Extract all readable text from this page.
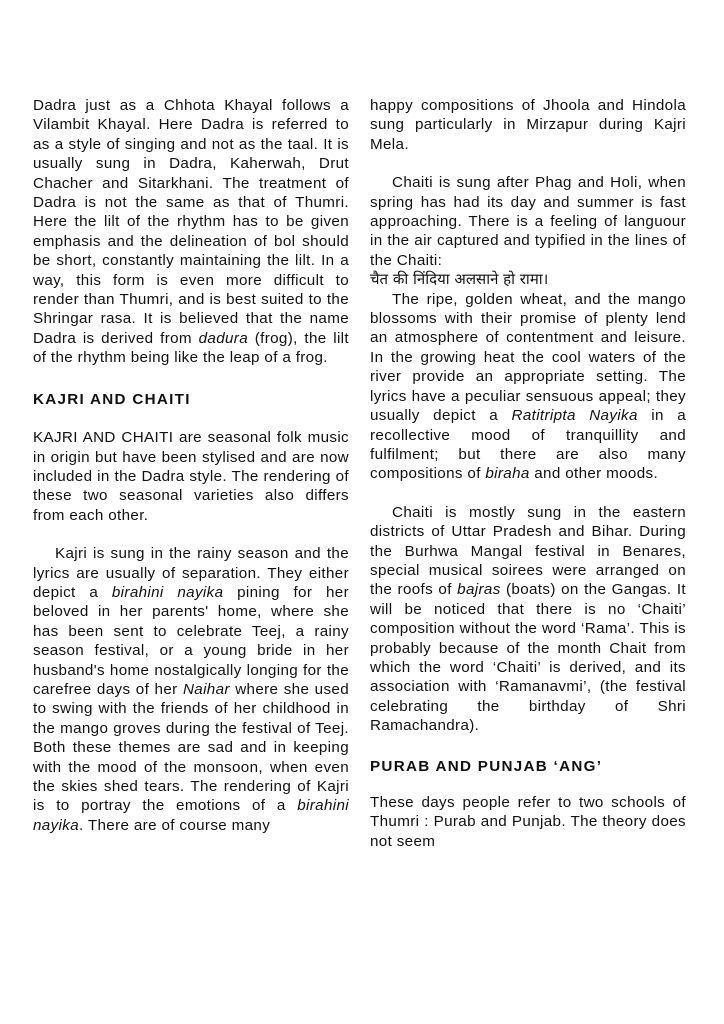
Dadra just as a Chhota Khayal follows a Vilambit Khayal. Here Dadra is referred to as a style of singing and not as the taal. It is usually sung in Dadra, Kaherwah, Drut Chacher and Sitarkhani. The treatment of Dadra is not the same as that of Thumri. Here the lilt of the rhythm has to be given emphasis and the delineation of bol should be short, constantly maintaining the lilt. In a way, this form is even more difficult to render than Thumri, and is best suited to the Shringar rasa. It is believed that the name Dadra is derived from dadura (frog), the lilt of the rhythm being like the leap of a frog.

KAJRI AND CHAITI

KAJRI AND CHAITI are seasonal folk music in origin but have been stylised and are now included in the Dadra style. The rendering of these two seasonal varieties also differs from each other.

Kajri is sung in the rainy season and the lyrics are usually of separation. They either depict a birahini nayika pining for her beloved in her parents' home, where she has been sent to celebrate Teej, a rainy season festival, or a young bride in her husband's home nostalgically longing for the carefree days of her Naihar where she used to swing with the friends of her childhood in the mango groves during the festival of Teej. Both these themes are sad and in keeping with the mood of the monsoon, when even the skies shed tears. The rendering of Kajri is to portray the emotions of a birahini nayika. There are of course many

happy compositions of Jhoola and Hindola sung particularly in Mirzapur during Kajri Mela.

Chaiti is sung after Phag and Holi, when spring has had its day and summer is fast approaching. There is a feeling of languour in the air captured and typified in the lines of the Chaiti:

चैत की निंदिया अलसाने हो रामा।

The ripe, golden wheat, and the mango blossoms with their promise of plenty lend an atmosphere of contentment and leisure. In the growing heat the cool waters of the river provide an appropriate setting. The lyrics have a peculiar sensuous appeal; they usually depict a Ratitripta Nayika in a recollective mood of tranquillity and fulfilment; but there are also many compositions of biraha and other moods.

Chaiti is mostly sung in the eastern districts of Uttar Pradesh and Bihar. During the Burhwa Mangal festival in Benares, special musical soirees were arranged on the roofs of bajras (boats) on the Gangas. It will be noticed that there is no ‘Chaiti’ composition without the word ‘Rama’. This is probably because of the month Chait from which the word ‘Chaiti’ is derived, and its association with ‘Ramanavmi’, (the festival celebrating the birthday of Shri Ramachandra).

PURAB AND PUNJAB ‘ANG’

These days people refer to two schools of Thumri : Purab and Punjab. The theory does not seem
